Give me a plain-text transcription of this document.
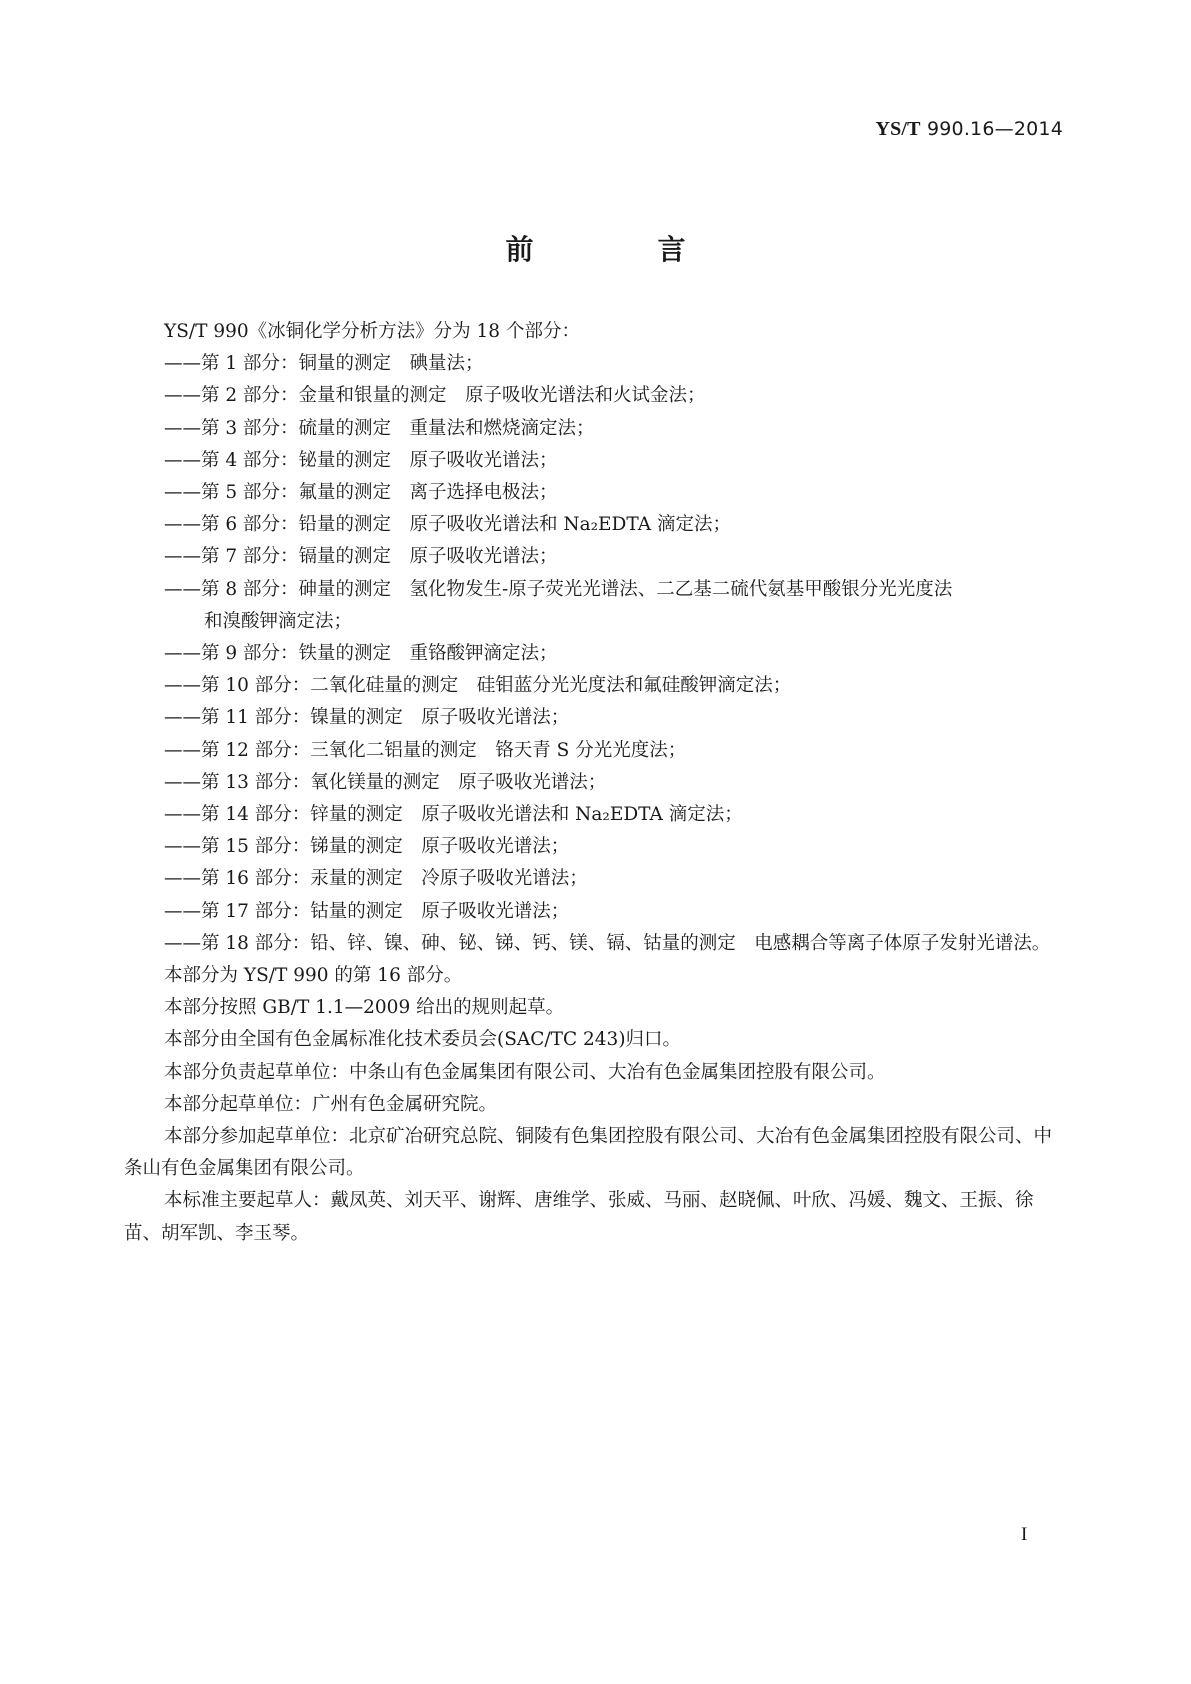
YS/T 990.16—2014
前 言

YS/T 990《冰铜化学分析方法》分为 18 个部分：

——第 1 部分：铜量的测定　碘量法；

——第 2 部分：金量和银量的测定　原子吸收光谱法和火试金法；

——第 3 部分：硫量的测定　重量法和燃烧滴定法；

——第 4 部分：铋量的测定　原子吸收光谱法；

——第 5 部分：氟量的测定　离子选择电极法；

——第 6 部分：铅量的测定　原子吸收光谱法和 Na₂EDTA 滴定法；

——第 7 部分：镉量的测定　原子吸收光谱法；

——第 8 部分：砷量的测定　氢化物发生-原子荧光光谱法、二乙基二硫代氨基甲酸银分光光度法

和溴酸钾滴定法；

——第 9 部分：铁量的测定　重铬酸钾滴定法；

——第 10 部分：二氧化硅量的测定　硅钼蓝分光光度法和氟硅酸钾滴定法；

——第 11 部分：镍量的测定　原子吸收光谱法；

——第 12 部分：三氧化二铝量的测定　铬天青 S 分光光度法；

——第 13 部分：氧化镁量的测定　原子吸收光谱法；

——第 14 部分：锌量的测定　原子吸收光谱法和 Na₂EDTA 滴定法；

——第 15 部分：锑量的测定　原子吸收光谱法；

——第 16 部分：汞量的测定　冷原子吸收光谱法；

——第 17 部分：钴量的测定　原子吸收光谱法；

——第 18 部分：铅、锌、镍、砷、铋、锑、钙、镁、镉、钴量的测定　电感耦合等离子体原子发射光谱法。

本部分为 YS/T 990 的第 16 部分。

本部分按照 GB/T 1.1—2009 给出的规则起草。

本部分由全国有色金属标准化技术委员会(SAC/TC 243)归口。

本部分负责起草单位：中条山有色金属集团有限公司、大冶有色金属集团控股有限公司。

本部分起草单位：广州有色金属研究院。

本部分参加起草单位：北京矿冶研究总院、铜陵有色集团控股有限公司、大冶有色金属集团控股有限公司、中条山有色金属集团有限公司。

本标准主要起草人：戴凤英、刘天平、谢辉、唐维学、张威、马丽、赵晓佩、叶欣、冯媛、魏文、王振、徐苗、胡军凯、李玉琴。

I
